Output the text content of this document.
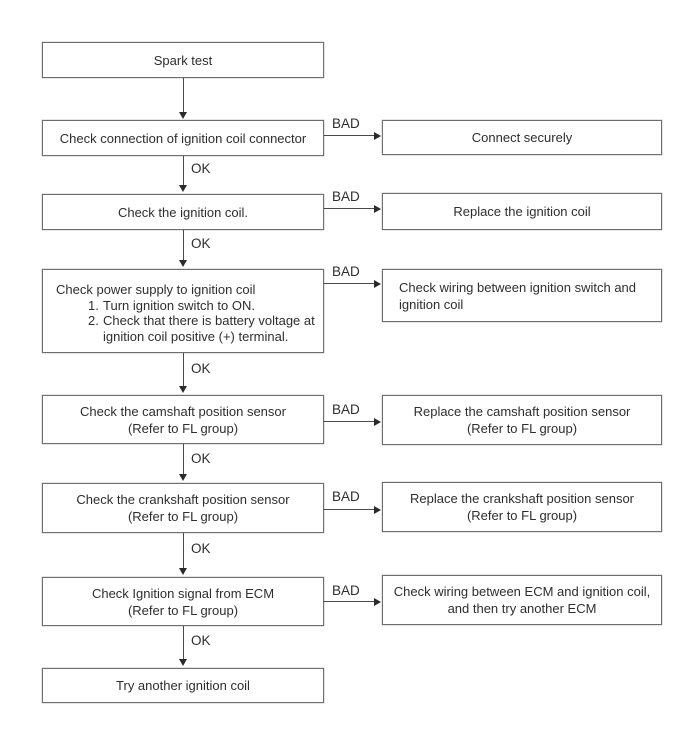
Spark test
Check connection of ignition coil connector
Check the ignition coil.
Check power supply to ignition coil
1. Turn ignition switch to ON.
2. Check that there is battery voltage at
ignition coil positive (+) terminal.
Check the camshaft position sensor
(Refer to FL group)
Check the crankshaft position sensor
(Refer to FL group)
Check Ignition signal from ECM
(Refer to FL group)
Try another ignition coil
Connect securely
Replace the ignition coil
Check wiring between ignition switch and
ignition coil
Replace the camshaft position sensor
(Refer to FL group)
Replace the crankshaft position sensor
(Refer to FL group)
Check wiring between ECM and ignition coil,
and then try another ECM
OK
OK
OK
OK
OK
OK
BAD
BAD
BAD
BAD
BAD
BAD
